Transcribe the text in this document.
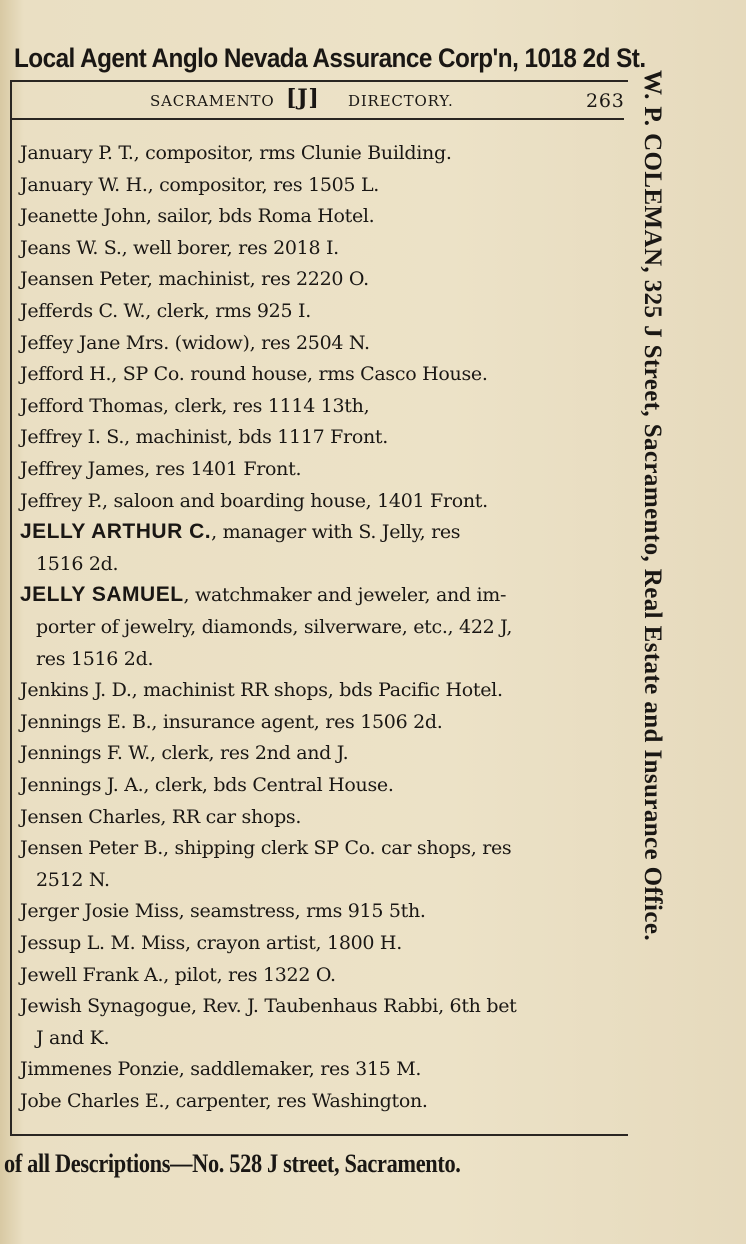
Local Agent Anglo Nevada Assurance Corp'n, 1018 2d St.
SACRAMENTO [J] DIRECTORY.	263
January P. T., compositor, rms Clunie Building.
January W. H., compositor, res 1505 L.
Jeanette John, sailor, bds Roma Hotel.
Jeans W. S., well borer, res 2018 I.
Jeansen Peter, machinist, res 2220 O.
Jefferds C. W., clerk, rms 925 I.
Jeffey Jane Mrs. (widow), res 2504 N.
Jefford H., SP Co. round house, rms Casco House.
Jefford Thomas, clerk, res 1114 13th,
Jeffrey I. S., machinist, bds 1117 Front.
Jeffrey James, res 1401 Front.
Jeffrey P., saloon and boarding house, 1401 Front.
JELLY ARTHUR C., manager with S. Jelly, res
1516 2d.
JELLY SAMUEL, watchmaker and jeweler, and im-
porter of jewelry, diamonds, silverware, etc., 422 J,
res 1516 2d.
Jenkins J. D., machinist RR shops, bds Pacific Hotel.
Jennings E. B., insurance agent, res 1506 2d.
Jennings F. W., clerk, res 2nd and J.
Jennings J. A., clerk, bds Central House.
Jensen Charles, RR car shops.
Jensen Peter B., shipping clerk SP Co. car shops, res
2512 N.
Jerger Josie Miss, seamstress, rms 915 5th.
Jessup L. M. Miss, crayon artist, 1800 H.
Jewell Frank A., pilot, res 1322 O.
Jewish Synagogue, Rev. J. Taubenhaus Rabbi, 6th bet
J and K.
Jimmenes Ponzie, saddlemaker, res 315 M.
Jobe Charles E., carpenter, res Washington.
of all Descriptions—No. 528 J street, Sacramento.
W. P. COLEMAN, 325 J Street, Sacramento, Real Estate and Insurance Office.
